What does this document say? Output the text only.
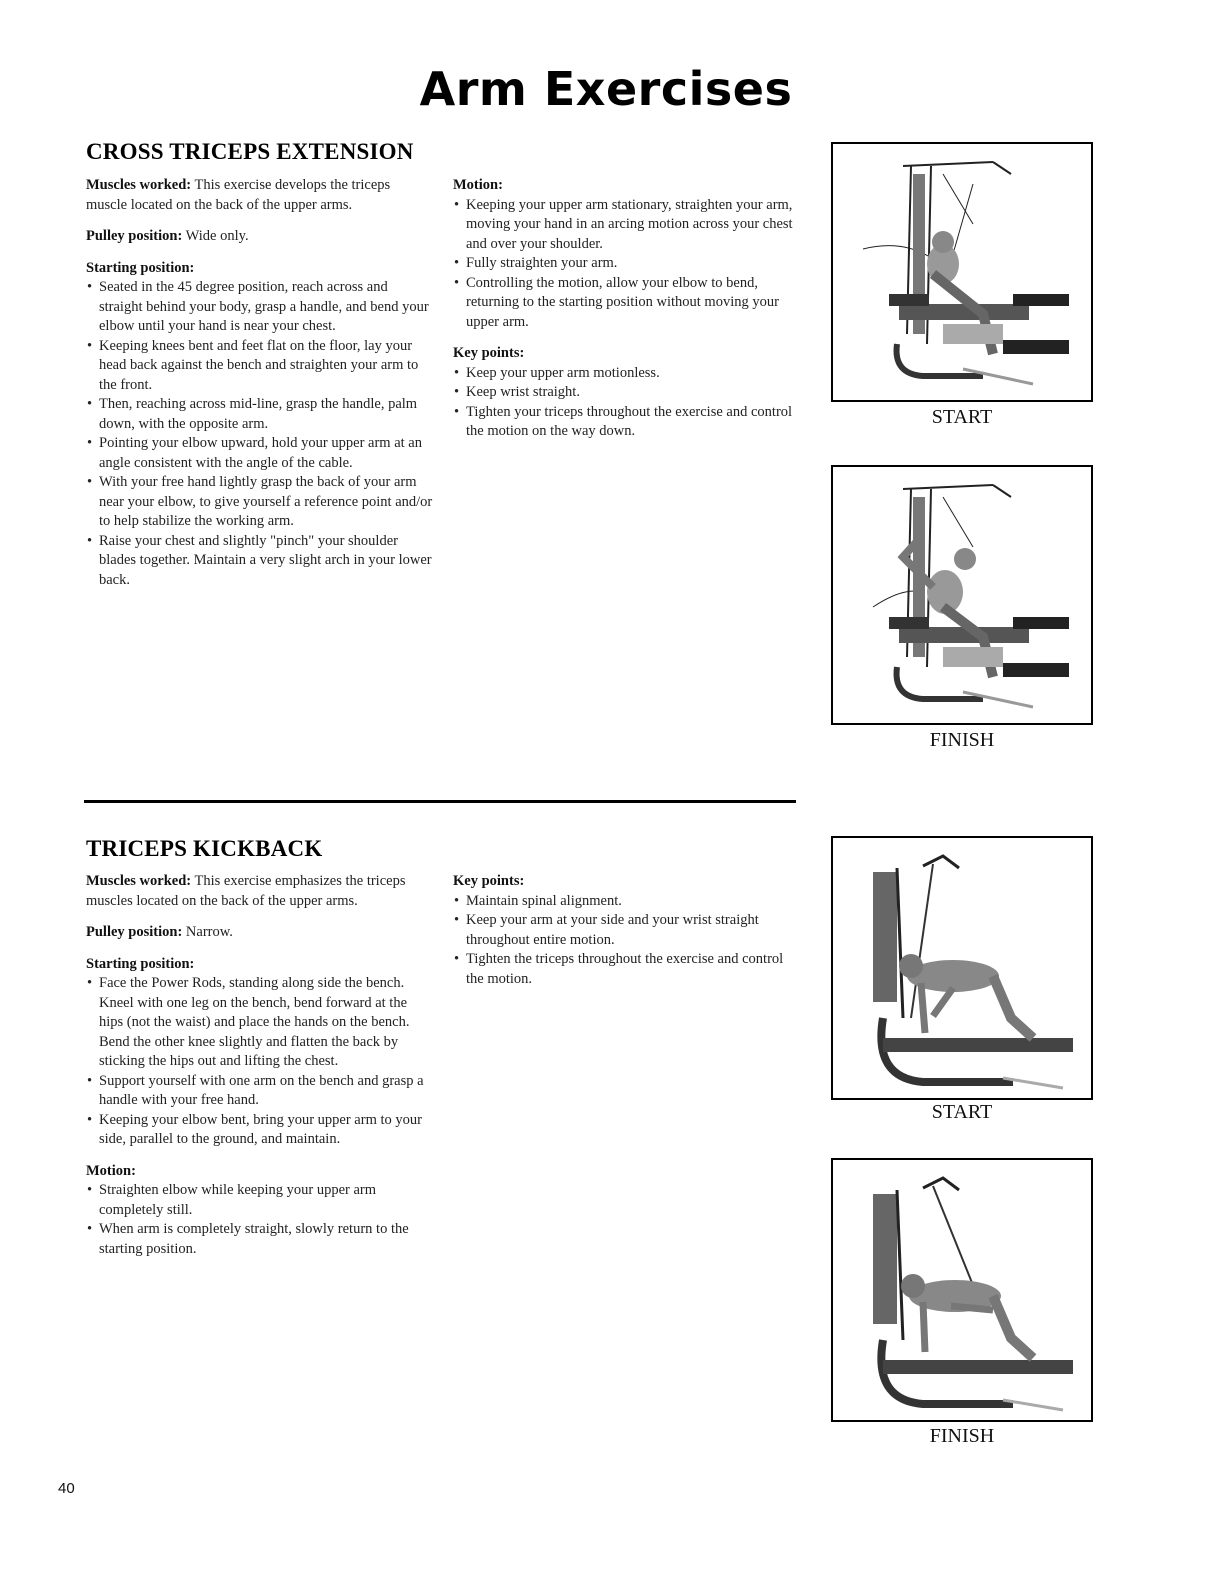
Arm Exercises
CROSS TRICEPS EXTENSION

Muscles worked: This exercise develops the triceps muscle located on the back of the upper arms.

Pulley position: Wide only.

Starting position:

• Seated in the 45 degree position, reach across and straight behind your body, grasp a handle, and bend your elbow until your hand is near your chest.
• Keeping knees bent and feet flat on the floor, lay your head back against the bench and straighten your arm to the front.
• Then, reaching across mid-line, grasp the handle, palm down, with the opposite arm.
• Pointing your elbow upward, hold your upper arm at an angle consistent with the angle of the cable.
• With your free hand lightly grasp the back of your arm near your elbow, to give yourself a reference point and/or to help stabilize the working arm.
• Raise your chest and slightly "pinch" your shoulder blades together. Maintain a very slight arch in your lower back.

Motion:

• Keeping your upper arm stationary, straighten your arm, moving your hand in an arcing motion across your chest and over your shoulder.
• Fully straighten your arm.
• Controlling the motion, allow your elbow to bend, returning to the starting position without moving your upper arm.

Key points:

• Keep your upper arm motionless.
• Keep wrist straight.
• Tighten your triceps throughout the exercise and control the motion on the way down.
START
FINISH
TRICEPS KICKBACK

Muscles worked: This exercise emphasizes the triceps muscles located on the back of the upper arms.

Pulley position: Narrow.

Starting position:

• Face the Power Rods, standing along side the bench. Kneel with one leg on the bench, bend forward at the hips (not the waist) and place the hands on the bench. Bend the other knee slightly and flatten the back by sticking the hips out and lifting the chest.
• Support yourself with one arm on the bench and grasp a handle with your free hand.
• Keeping your elbow bent, bring your upper arm to your side, parallel to the ground, and maintain.

Motion:

• Straighten elbow while keeping your upper arm completely still.
• When arm is completely straight, slowly return to the starting position.

Key points:

• Maintain spinal alignment.
• Keep your arm at your side and your wrist straight throughout entire motion.
• Tighten the triceps throughout the exercise and control the motion.
START
FINISH
40
